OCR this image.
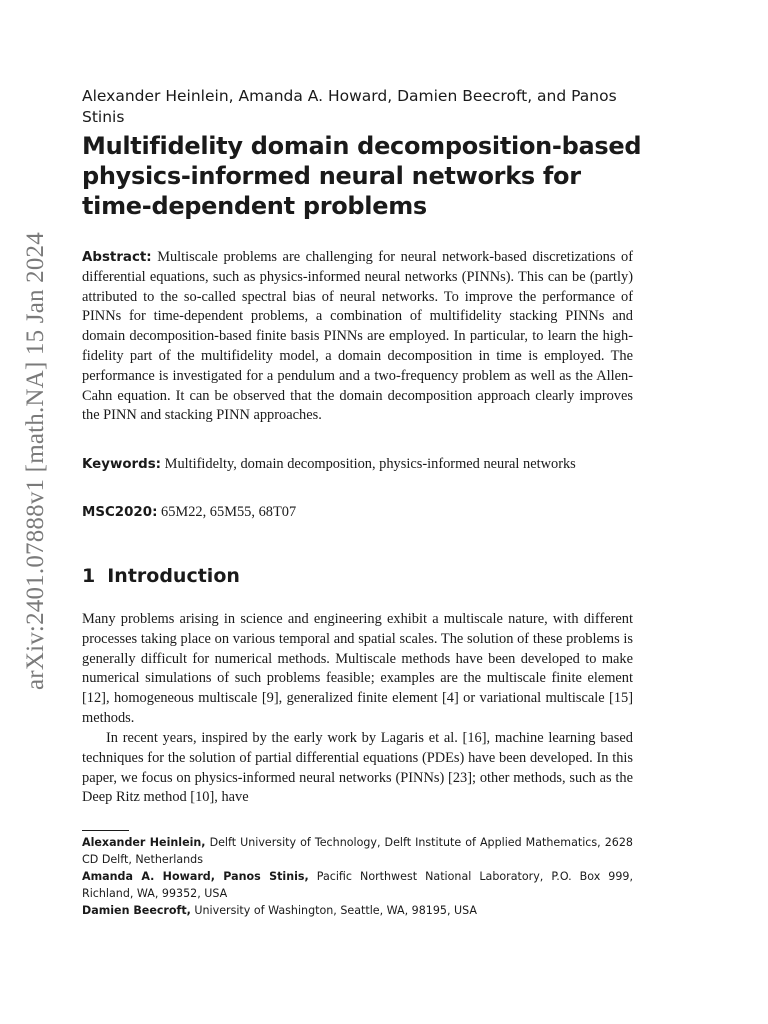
arXiv:2401.07888v1 [math.NA] 15 Jan 2024
Alexander Heinlein, Amanda A. Howard, Damien Beecroft, and Panos Stinis
Multifidelity domain decomposition-based physics-informed neural networks for time-dependent problems

Abstract: Multiscale problems are challenging for neural network-based discretizations of differential equations, such as physics-informed neural networks (PINNs). This can be (partly) attributed to the so-called spectral bias of neural networks. To improve the performance of PINNs for time-dependent problems, a combination of multifidelity stacking PINNs and domain decomposition-based finite basis PINNs are employed. In particular, to learn the high-fidelity part of the multifidelity model, a domain decomposition in time is employed. The performance is investigated for a pendulum and a two-frequency problem as well as the Allen-Cahn equation. It can be observed that the domain decomposition approach clearly improves the PINN and stacking PINN approaches.

Keywords: Multifidelty, domain decomposition, physics-informed neural networks

MSC2020: 65M22, 65M55, 68T07

1 Introduction

Many problems arising in science and engineering exhibit a multiscale nature, with different processes taking place on various temporal and spatial scales. The solution of these problems is generally difficult for numerical methods. Multiscale methods have been developed to make numerical simulations of such problems feasible; examples are the multiscale finite element [12], homogeneous multiscale [9], generalized finite element [4] or variational multiscale [15] methods.

In recent years, inspired by the early work by Lagaris et al. [16], machine learning based techniques for the solution of partial differential equations (PDEs) have been developed. In this paper, we focus on physics-informed neural networks (PINNs) [23]; other methods, such as the Deep Ritz method [10], have

Alexander Heinlein, Delft University of Technology, Delft Institute of Applied Mathematics, 2628 CD Delft, Netherlands

Amanda A. Howard, Panos Stinis, Pacific Northwest National Laboratory, P.O. Box 999, Richland, WA, 99352, USA

Damien Beecroft, University of Washington, Seattle, WA, 98195, USA
